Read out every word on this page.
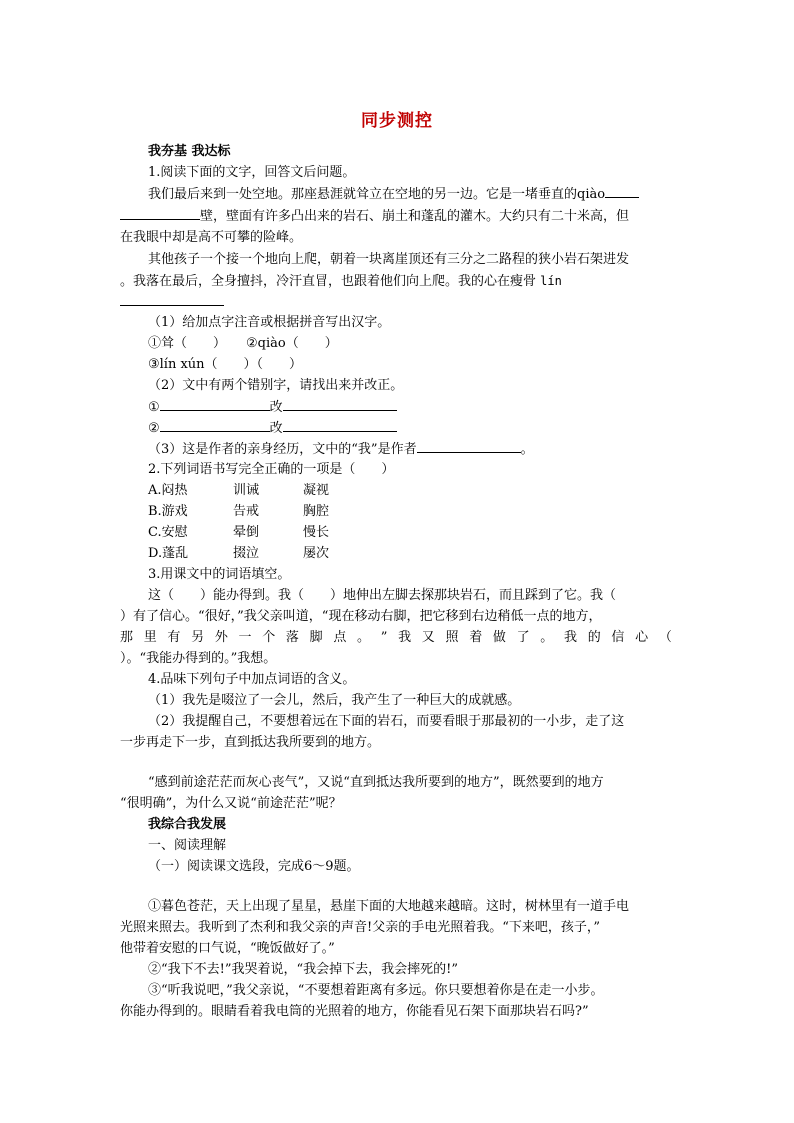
同步测控
我夯基 我达标
1.阅读下面的文字，回答文后问题。
我们最后来到一处空地。那座悬涯就耸立在空地的另一边。它是一堵垂直的qiào
壁，壁面有许多凸出来的岩石、崩土和蓬乱的灌木。大约只有二十米高，但
在我眼中却是高不可攀的险峰。
其他孩子一个接一个地向上爬，朝着一块离崖顶还有三分之二路程的狭小岩石架进发
。我落在最后，全身擅抖，冷汗直冒，也跟着他们向上爬。我的心在瘦骨 lín
（1）给加点字注音或根据拼音写出汉字。
①耸（　　） ②qiào（　　）
③lín xún（　　）（　　）
（2）文中有两个错别字，请找出来并改正。
①	改
②	改
（3）这是作者的亲身经历，文中的“我”是作者	。
2.下列词语书写完全正确的一项是（　　）
A.闷热	训诫	凝视
B.游戏	告戒	胸腔
C.安慰	晕倒	慢长
D.蓬乱	掇泣	屡次
3.用课文中的词语填空。
这（　　）能办得到。我（　　）地伸出左脚去探那块岩石，而且踩到了它。我（
）有了信心。“很好，”我父亲叫道，“现在移动右脚，把它移到右边稍低一点的地方，
那 里 有 另 外 一 个 落 脚 点 。 ” 我 又 照 着 做 了 。 我 的 信 心 （
）。“我能办得到的。”我想。
4.品味下列句子中加点词语的含义。
（1）我先是啜泣了一会儿，然后，我产生了一种巨大的成就感。
（2）我提醒自己，不要想着远在下面的岩石，而要看眼于那最初的一小步，走了这
一步再走下一步，直到抵达我所要到的地方。
“感到前途茫茫而灰心丧气”，又说“直到抵达我所要到的地方”，既然要到的地方
“很明确”，为什么又说“前途茫茫”呢？
我综合我发展
一、阅读理解
（一）阅读课文选段，完成6～9题。
①暮色苍茫，天上出现了星星，悬崖下面的大地越来越暗。这时，树林里有一道手电
光照来照去。我听到了杰利和我父亲的声音!父亲的手电光照着我。“下来吧，孩子，”
他带着安慰的口气说，“晚饭做好了。”
②“我下不去!”我哭着说，“我会掉下去，我会摔死的!”
③“听我说吧，”我父亲说，“不要想着距离有多远。你只要想着你是在走一小步。
你能办得到的。眼睛看着我电筒的光照着的地方，你能看见石架下面那块岩石吗?”
